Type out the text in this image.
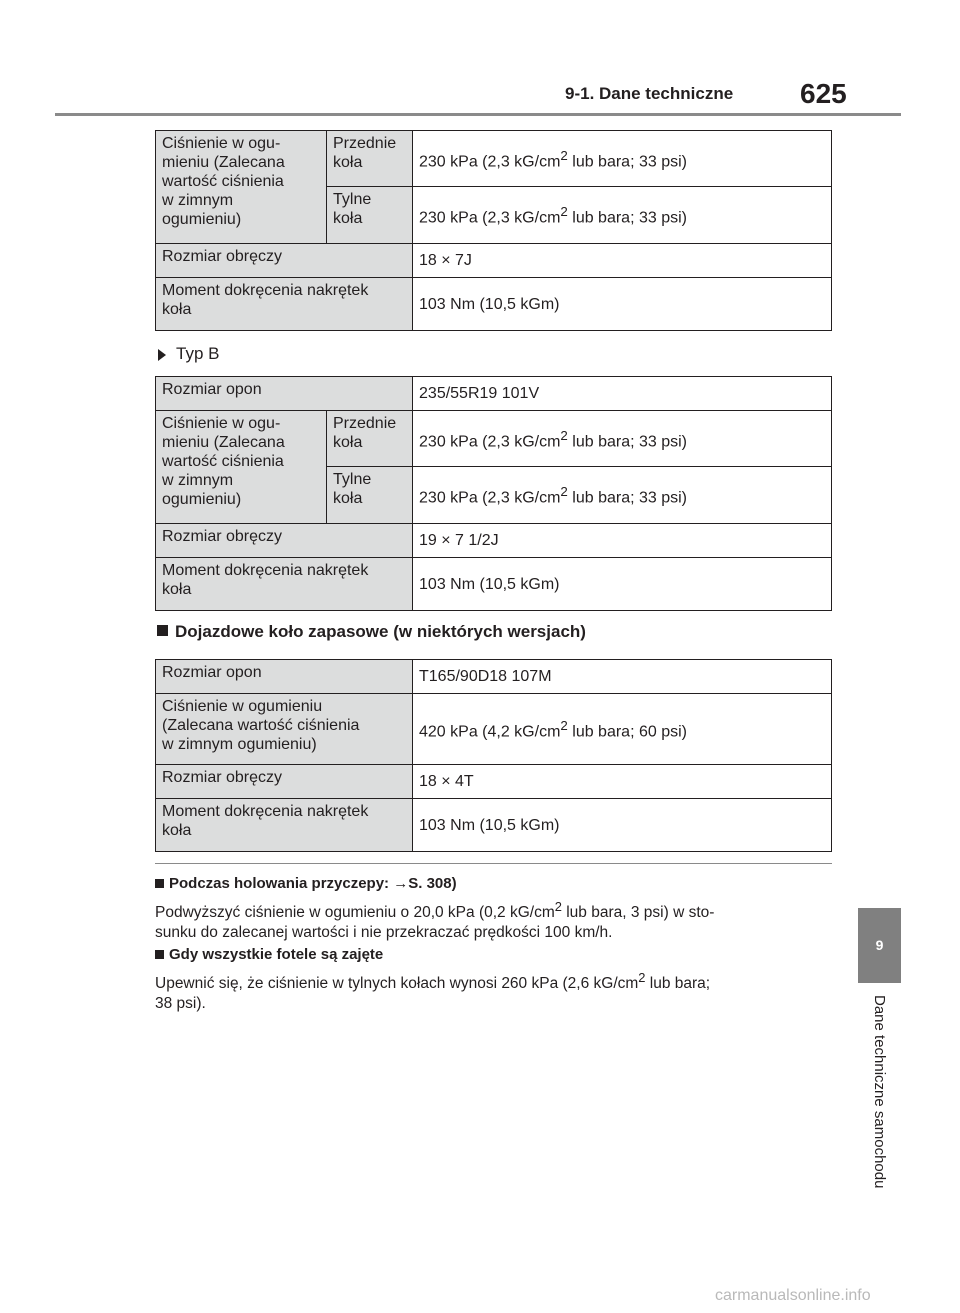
9-1. Dane techniczne 625
9
Dane techniczne samochodu
Ciśnienie w ogu-
mieniu (Zalecana
wartość ciśnienia
w zimnym
ogumieniu)	Przednie
koła	230 kPa (2,3 $kG/cm^2$ lub bara; 33 psi)
	Tylne
koła	230 kPa (2,3 $kG/cm^2$ lub bara; 33 psi)
Rozmiar obręczy		18 × 7J
Moment dokręcenia nakrętek
koła		103 Nm (10,5 kGm)
Typ B
Rozmiar opon		235/55R19 101V
Ciśnienie w ogu-
mieniu (Zalecana
wartość ciśnienia
w zimnym
ogumieniu)	Przednie
koła	230 kPa (2,3 $kG/cm^2$ lub bara; 33 psi)
	Tylne
koła	230 kPa (2,3 $kG/cm^2$ lub bara; 33 psi)
Rozmiar obręczy		19 × 7 1/2J
Moment dokręcenia nakrętek
koła		103 Nm (10,5 kGm)
Dojazdowe koło zapasowe (w niektórych wersjach)
Rozmiar opon	T165/90D18 107M
Ciśnienie w ogumieniu
(Zalecana wartość ciśnienia
w zimnym ogumieniu)	420 kPa (4,2 $kG/cm^2$ lub bara; 60 psi)
Rozmiar obręczy	18 × 4T
Moment dokręcenia nakrętek
koła	103 Nm (10,5 kGm)
Podczas holowania przyczepy: →S. 308)
Podwyższyć ciśnienie w ogumieniu o 20,0 kPa (0,2 $kG/cm^2$ lub bara, 3 psi) w sto-
sunku do zalecanej wartości i nie przekraczać prędkości 100 km/h.
Gdy wszystkie fotele są zajęte
Upewnić się, że ciśnienie w tylnych kołach wynosi 260 kPa (2,6 $kG/cm^2$ lub bara;
38 psi).
carmanualsonline.info
